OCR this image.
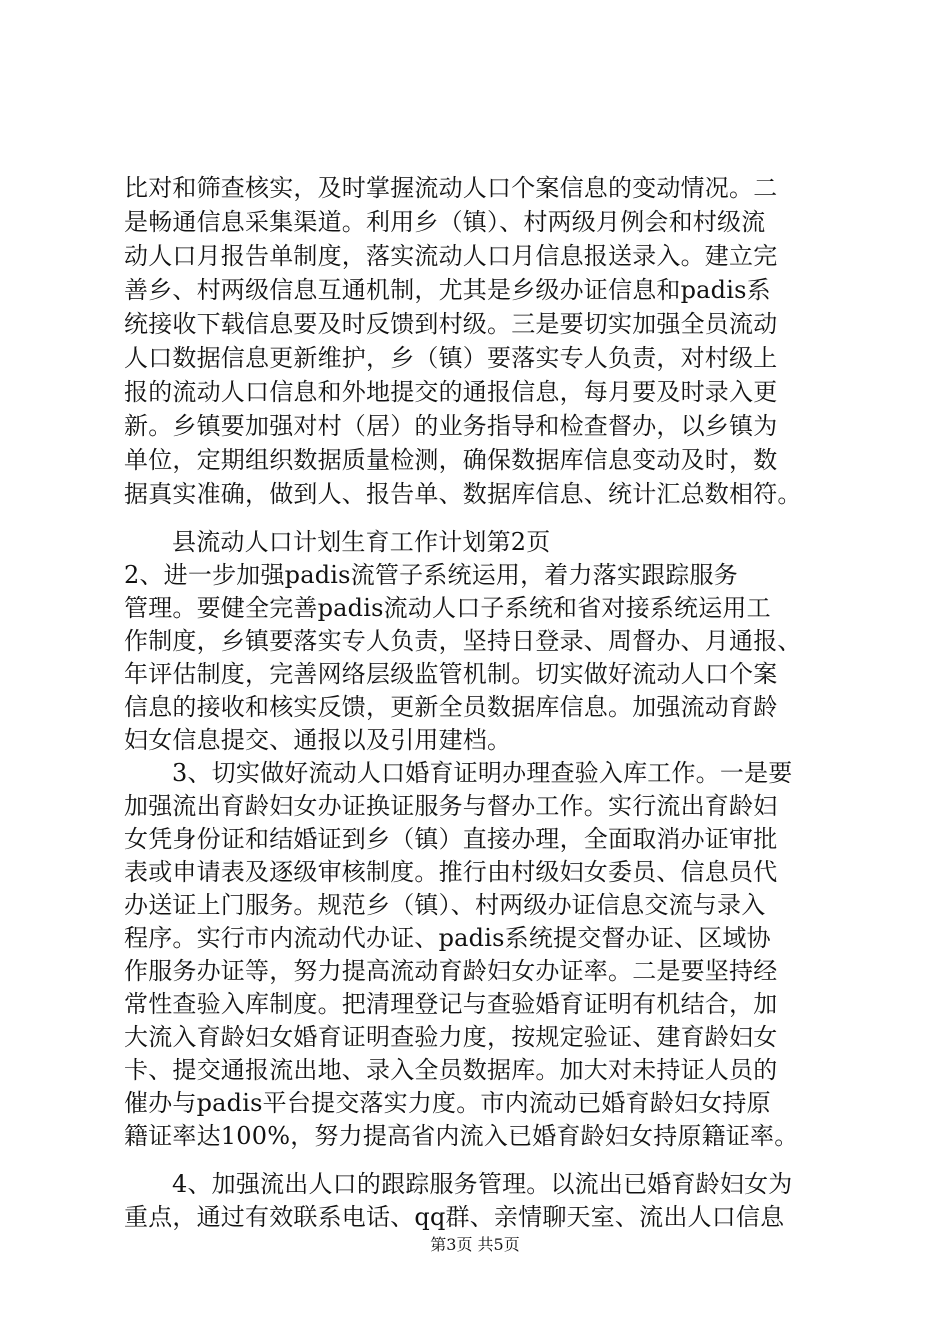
比对和筛查核实，及时掌握流动人口个案信息的变动情况。二
是畅通信息采集渠道。利用乡（镇）、村两级月例会和村级流
动人口月报告单制度，落实流动人口月信息报送录入。建立完
善乡、村两级信息互通机制，尤其是乡级办证信息和padis系
统接收下载信息要及时反馈到村级。三是要切实加强全员流动
人口数据信息更新维护，乡（镇）要落实专人负责，对村级上
报的流动人口信息和外地提交的通报信息，每月要及时录入更
新。乡镇要加强对村（居）的业务指导和检查督办，以乡镇为
单位，定期组织数据质量检测，确保数据库信息变动及时，数
据真实准确，做到人、报告单、数据库信息、统计汇总数相符。
县流动人口计划生育工作计划第2页
2、进一步加强padis流管子系统运用，着力落实跟踪服务
管理。要健全完善padis流动人口子系统和省对接系统运用工
作制度，乡镇要落实专人负责，坚持日登录、周督办、月通报、
年评估制度，完善网络层级监管机制。切实做好流动人口个案
信息的接收和核实反馈，更新全员数据库信息。加强流动育龄
妇女信息提交、通报以及引用建档。
3、切实做好流动人口婚育证明办理查验入库工作。一是要
加强流出育龄妇女办证换证服务与督办工作。实行流出育龄妇
女凭身份证和结婚证到乡（镇）直接办理，全面取消办证审批
表或申请表及逐级审核制度。推行由村级妇女委员、信息员代
办送证上门服务。规范乡（镇）、村两级办证信息交流与录入
程序。实行市内流动代办证、padis系统提交督办证、区域协
作服务办证等，努力提高流动育龄妇女办证率。二是要坚持经
常性查验入库制度。把清理登记与查验婚育证明有机结合，加
大流入育龄妇女婚育证明查验力度，按规定验证、建育龄妇女
卡、提交通报流出地、录入全员数据库。加大对未持证人员的
催办与padis平台提交落实力度。市内流动已婚育龄妇女持原
籍证率达100%，努力提高省内流入已婚育龄妇女持原籍证率。
4、加强流出人口的跟踪服务管理。以流出已婚育龄妇女为
重点，通过有效联系电话、qq群、亲情聊天室、流出人口信息
第3页 共5页
